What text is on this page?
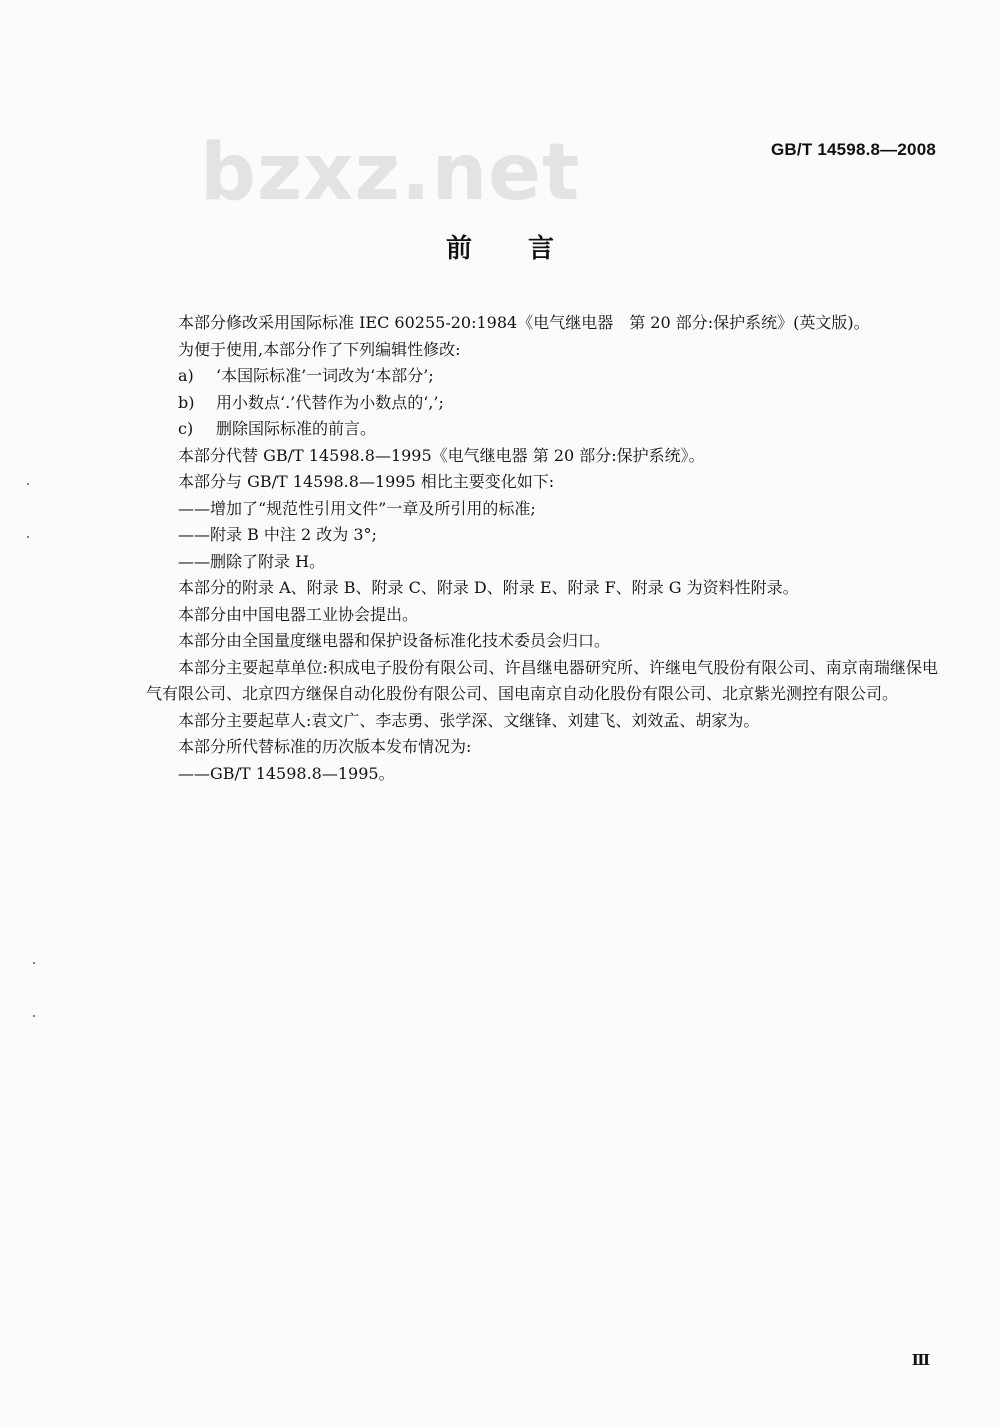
bzxz.net	GB/T 14598.8—2008
前言

本部分修改采用国际标准 IEC 60255-20:1984《电气继电器　第 20 部分:保护系统》(英文版)。

为便于使用,本部分作了下列编辑性修改:

a) ‘本国际标准’一词改为‘本部分’;

b) 用小数点‘.’代替作为小数点的‘,’;

c) 删除国际标准的前言。

本部分代替 GB/T 14598.8—1995《电气继电器 第 20 部分:保护系统》。

本部分与 GB/T 14598.8—1995 相比主要变化如下:

——增加了“规范性引用文件”一章及所引用的标准;

——附录 B 中注 2 改为 3°;

——删除了附录 H。

本部分的附录 A、附录 B、附录 C、附录 D、附录 E、附录 F、附录 G 为资料性附录。

本部分由中国电器工业协会提出。

本部分由全国量度继电器和保护设备标准化技术委员会归口。

本部分主要起草单位:积成电子股份有限公司、许昌继电器研究所、许继电气股份有限公司、南京南瑞继保电气有限公司、北京四方继保自动化股份有限公司、国电南京自动化股份有限公司、北京紫光测控有限公司。

本部分主要起草人:袁文广、李志勇、张学深、文继锋、刘建飞、刘效孟、胡家为。

本部分所代替标准的历次版本发布情况为:

——GB/T 14598.8—1995。

Ⅲ
